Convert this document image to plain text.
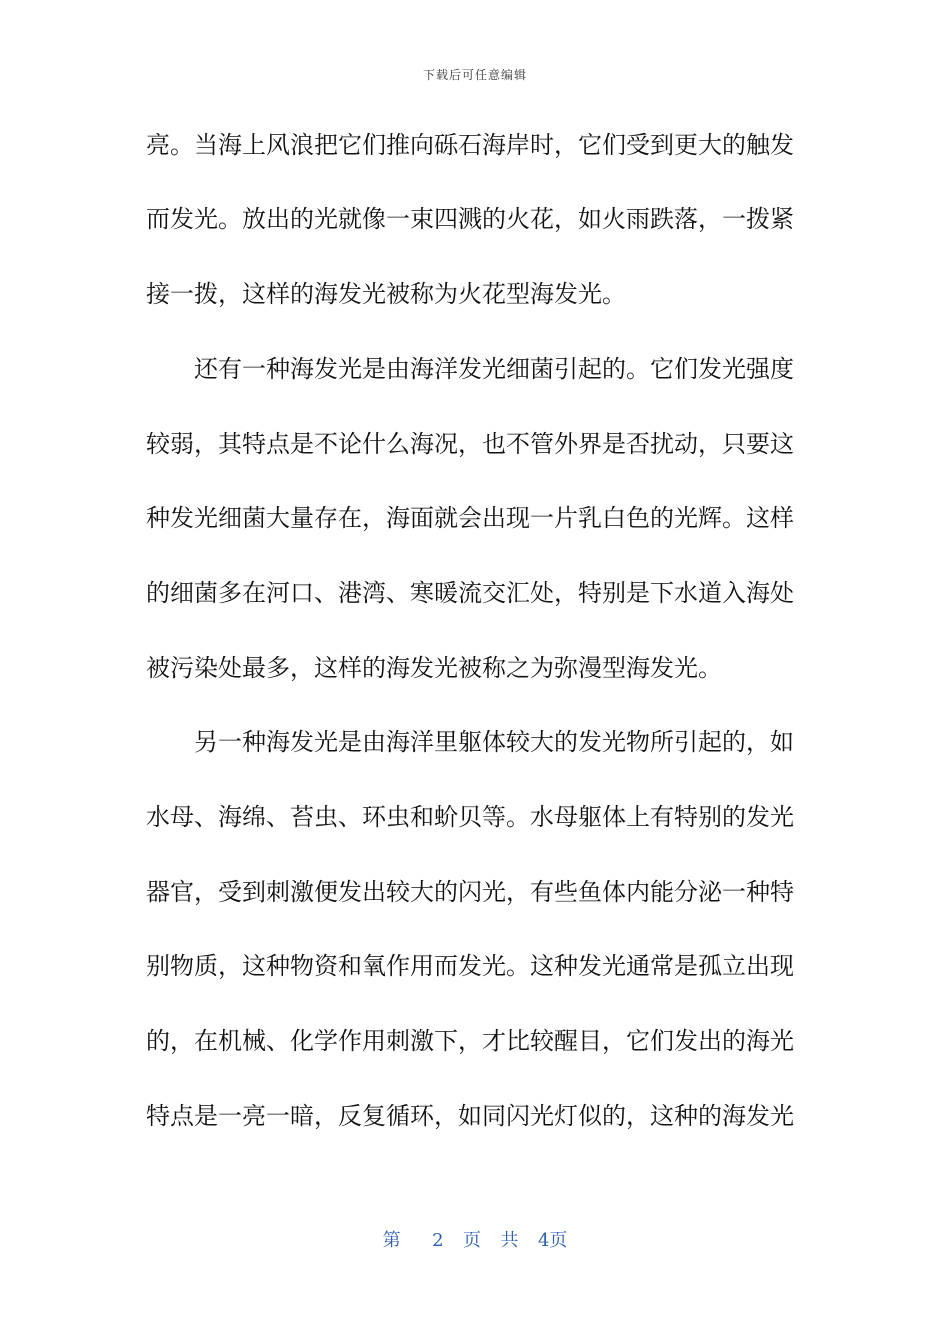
下载后可任意编辑
亮。当海上风浪把它们推向砾石海岸时，它们受到更大的触发
而发光。放出的光就像一束四溅的火花，如火雨跌落，一拨紧
接一拨，这样的海发光被称为火花型海发光。
还有一种海发光是由海洋发光细菌引起的。它们发光强度
较弱，其特点是不论什么海况，也不管外界是否扰动，只要这
种发光细菌大量存在，海面就会出现一片乳白色的光辉。这样
的细菌多在河口、港湾、寒暖流交汇处，特别是下水道入海处
被污染处最多，这样的海发光被称之为弥漫型海发光。
另一种海发光是由海洋里躯体较大的发光物所引起的，如
水母、海绵、苔虫、环虫和蚧贝等。水母躯体上有特别的发光
器官，受到刺激便发出较大的闪光，有些鱼体内能分泌一种特
别物质，这种物资和氧作用而发光。这种发光通常是孤立出现
的，在机械、化学作用刺激下，才比较醒目，它们发出的海光
特点是一亮一暗，反复循环，如同闪光灯似的，这种的海发光
第 2 页 共 4页
